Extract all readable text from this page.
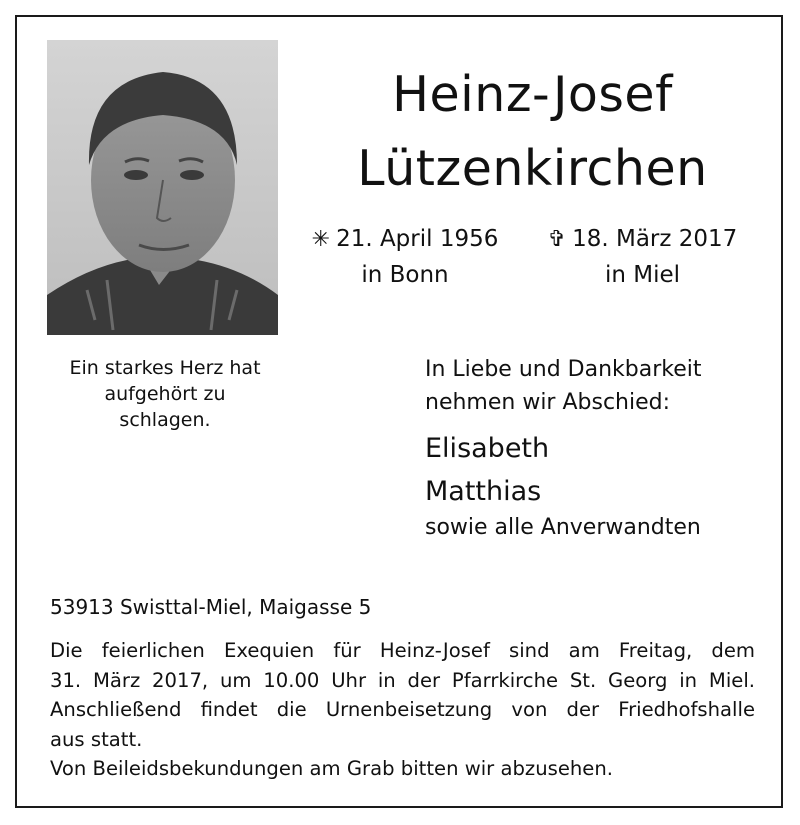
Heinz-Josef
Lützenkirchen
✳ 21. April 1956
in Bonn
✞ 18. März 2017
in Miel
Ein starkes Herz hat
aufgehört zu
schlagen.
In Liebe und Dankbarkeit
nehmen wir Abschied:
Elisabeth
Matthias
sowie alle Anverwandten
53913 Swisttal-Miel, Maigasse 5
Die feierlichen Exequien für Heinz-Josef sind am Freitag, dem
31. März 2017, um 10.00 Uhr in der Pfarrkirche St. Georg in Miel.
Anschließend findet die Urnenbeisetzung von der Friedhofshalle
aus statt.
Von Beileidsbekundungen am Grab bitten wir abzusehen.
